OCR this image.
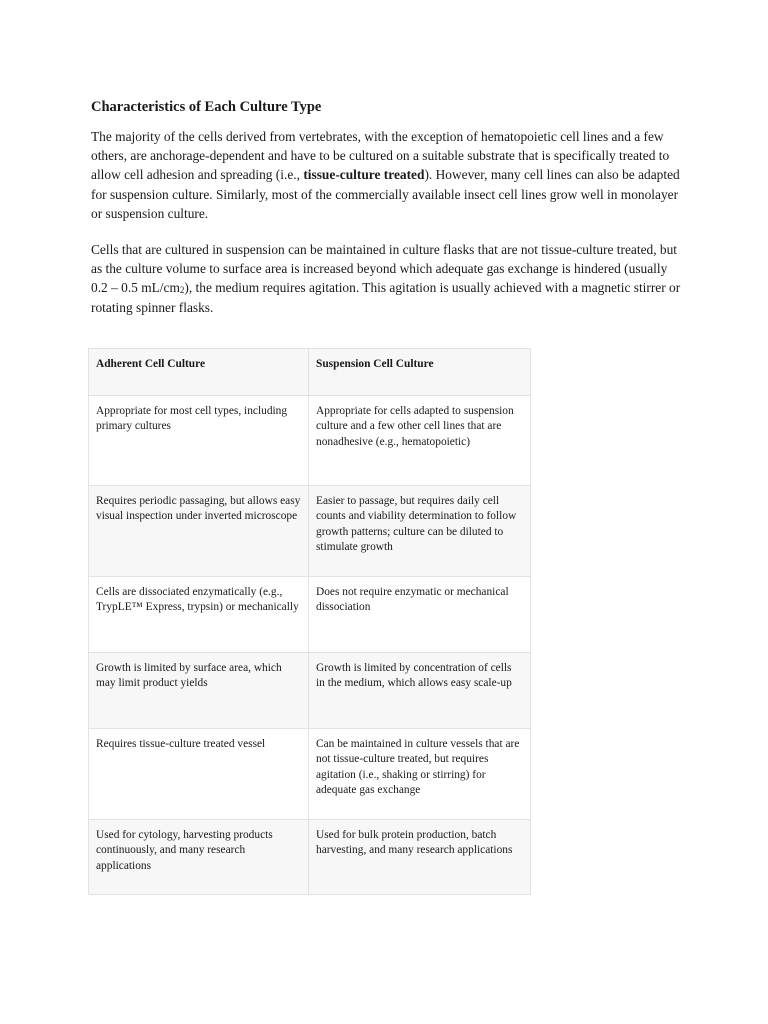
Characteristics of Each Culture Type

The majority of the cells derived from vertebrates, with the exception of hematopoietic cell lines and a few others, are anchorage-dependent and have to be cultured on a suitable substrate that is specifically treated to allow cell adhesion and spreading (i.e., tissue-culture treated). However, many cell lines can also be adapted for suspension culture. Similarly, most of the commercially available insect cell lines grow well in monolayer or suspension culture.

Cells that are cultured in suspension can be maintained in culture flasks that are not tissue-culture treated, but as the culture volume to surface area is increased beyond which adequate gas exchange is hindered (usually 0.2 – 0.5 $mL/cm_2$), the medium requires agitation. This agitation is usually achieved with a magnetic stirrer or rotating spinner flasks.

Adherent Cell Culture	Suspension Cell Culture
Appropriate for most cell types, including primary cultures	Appropriate for cells adapted to suspension culture and a few other cell lines that are nonadhesive (e.g., hematopoietic)
Requires periodic passaging, but allows easy visual inspection under inverted microscope	Easier to passage, but requires daily cell counts and viability determination to follow growth patterns; culture can be diluted to stimulate growth
Cells are dissociated enzymatically (e.g., TrypLE™ Express, trypsin) or mechanically	Does not require enzymatic or mechanical dissociation
Growth is limited by surface area, which may limit product yields	Growth is limited by concentration of cells in the medium, which allows easy scale-up
Requires tissue-culture treated vessel	Can be maintained in culture vessels that are not tissue-culture treated, but requires agitation (i.e., shaking or stirring) for adequate gas exchange
Used for cytology, harvesting products continuously, and many research applications	Used for bulk protein production, batch harvesting, and many research applications
